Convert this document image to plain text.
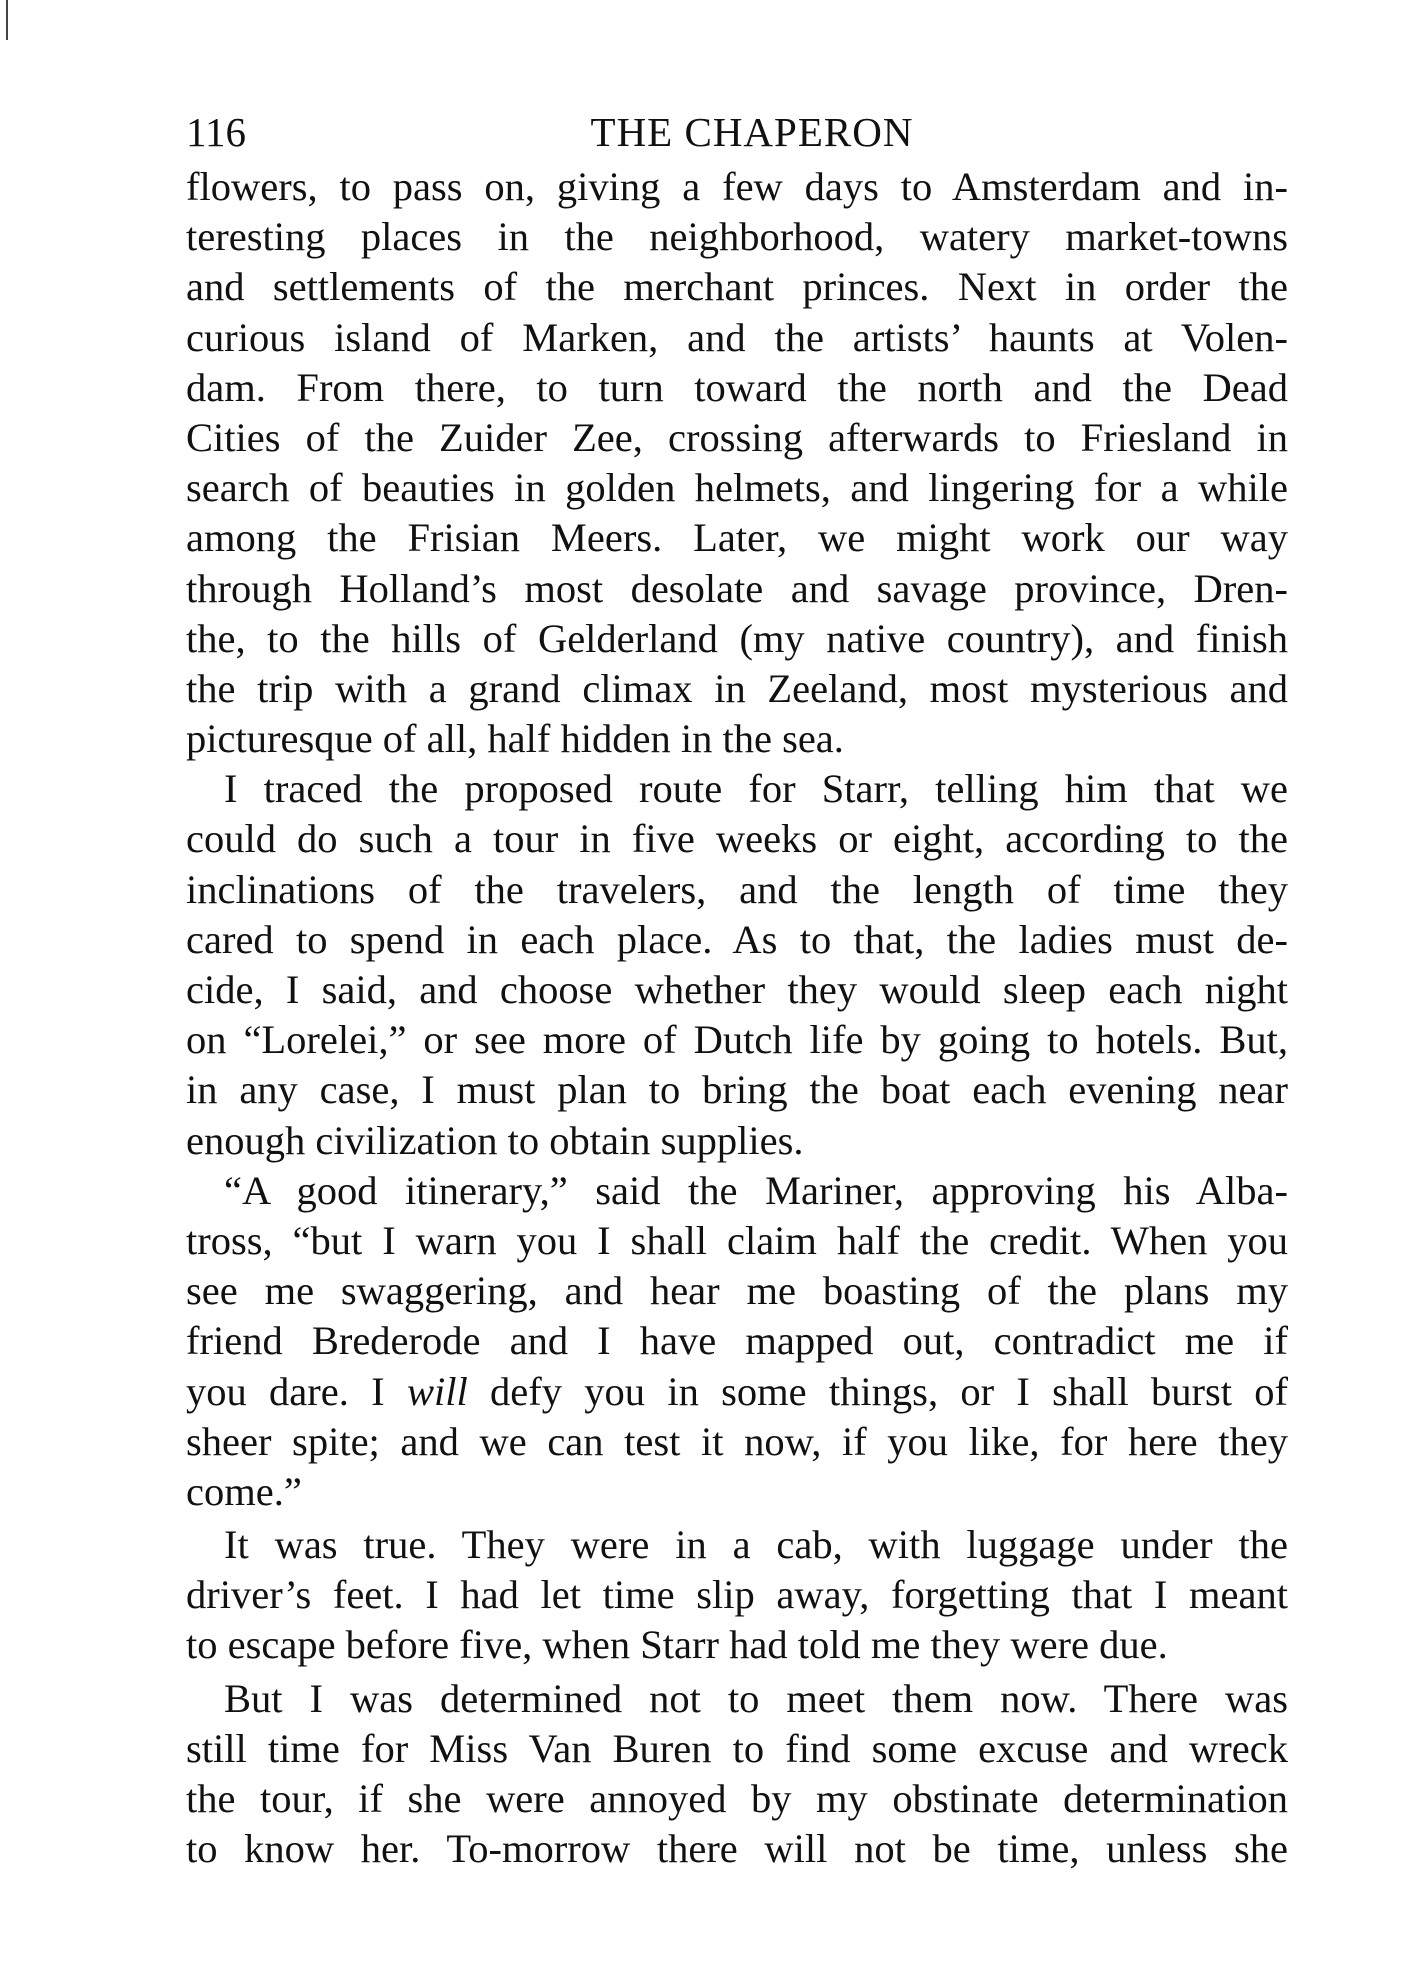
116	THE CHAPERON
flowers, to pass on, giving a few days to Amsterdam and in-
teresting places in the neighborhood, watery market-towns
and settlements of the merchant princes. Next in order the
curious island of Marken, and the artists’ haunts at Volen-
dam. From there, to turn toward the north and the Dead
Cities of the Zuider Zee, crossing afterwards to Friesland in
search of beauties in golden helmets, and lingering for a while
among the Frisian Meers. Later, we might work our way
through Holland’s most desolate and savage province, Dren-
the, to the hills of Gelderland (my native country), and finish
the trip with a grand climax in Zeeland, most mysterious and
picturesque of all, half hidden in the sea.
I traced the proposed route for Starr, telling him that we
could do such a tour in five weeks or eight, according to the
inclinations of the travelers, and the length of time they
cared to spend in each place. As to that, the ladies must de-
cide, I said, and choose whether they would sleep each night
on “Lorelei,” or see more of Dutch life by going to hotels. But,
in any case, I must plan to bring the boat each evening near
enough civilization to obtain supplies.
“A good itinerary,” said the Mariner, approving his Alba-
tross, “but I warn you I shall claim half the credit. When you
see me swaggering, and hear me boasting of the plans my
friend Brederode and I have mapped out, contradict me if
you dare. I will defy you in some things, or I shall burst of
sheer spite; and we can test it now, if you like, for here they
come.”
It was true. They were in a cab, with luggage under the
driver’s feet. I had let time slip away, forgetting that I meant
to escape before five, when Starr had told me they were due.
But I was determined not to meet them now. There was
still time for Miss Van Buren to find some excuse and wreck
the tour, if she were annoyed by my obstinate determination
to know her. To-morrow there will not be time, unless she
